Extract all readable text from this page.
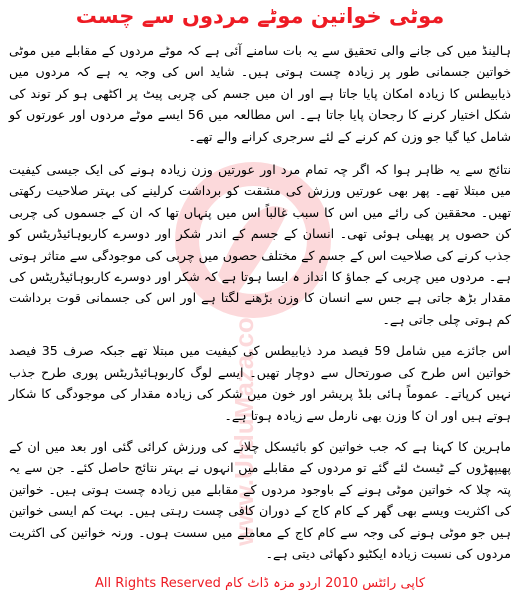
موٹی خواتین موٹے مردوں سے چست
www.UrduMaza.com

ہالینڈ میں کی جانے والی تحقیق سے یہ بات سامنے آئی ہے کہ موٹے مردوں کے مقابلے میں موٹی خواتین جسمانی طور پر زیادہ چست ہوتی ہیں۔ شاید اس کی وجہ یہ ہے کہ مردوں میں ذیابیطس کا زیادہ امکان پایا جاتا ہے اور ان میں جسم کی چربی پیٹ پر اکٹھی ہو کر توند کی شکل اختیار کرنے کا رجحان پایا جاتا ہے۔ اس مطالعہ میں 56 ایسے موٹے مردوں اور عورتوں کو شامل کیا گیا جو وزن کم کرنے کے لئے سرجری کرانے والے تھے۔

نتائج سے یہ ظاہر ہوا کہ اگر چہ تمام مرد اور عورتیں وزن زیادہ ہونے کی ایک جیسی کیفیت میں مبتلا تھے۔ پھر بھی عورتیں ورزش کی مشقت کو برداشت کرلینے کی بہتر صلاحیت رکھتی تھیں۔ محققین کی رائے میں اس کا سبب غالباً اس میں پنہاں تھا کہ ان کے جسموں کی چربی کن حصوں پر پھیلی ہوئی تھی۔ انسان کے جسم کے اندر شکر اور دوسرے کاربوہائیڈریٹس کو جذب کرنے کی صلاحیت اس کے جسم کے مختلف حصوں میں چربی کی موجودگی سے متاثر ہوتی ہے۔ مردوں میں چربی کے جماؤ کا انداز ہ ایسا ہوتا ہے کہ شکر اور دوسرے کاربوہائیڈریٹس کی مقدار بڑھ جاتی ہے جس سے انسان کا وزن بڑھنے لگتا ہے اور اس کی جسمانی قوت برداشت کم ہوتی چلی جاتی ہے۔

اس جائزے میں شامل 59 فیصد مرد ذیابیطس کی کیفیت میں مبتلا تھے جبکہ صرف 35 فیصد خواتین اس طرح کی صورتحال سے دوچار تھیں۔ ایسے لوگ کاربوہائیڈریٹس پوری طرح جذب نہیں کرپاتے۔ عموماً ہائی بلڈ پریشر اور خون میں شکر کی زیادہ مقدار کی موجودگی کا شکار ہوتے ہیں اور ان کا وزن بھی نارمل سے زیادہ ہوتا ہے۔

ماہرین کا کہنا ہے کہ جب خواتین کو بائیسکل چلانے کی ورزش کرائی گئی اور بعد میں ان کے پھیپھڑوں کے ٹیسٹ لئے گئے تو مردوں کے مقابلے میں انہوں نے بہتر نتائج حاصل کئے۔ جن سے یہ پتہ چلا کہ خواتین موٹی ہونے کے باوجود مردوں کے مقابلے میں زیادہ چست ہوتی ہیں۔ خواتین کی اکثریت ویسے بھی گھر کے کام کاج کے دوران کافی چست رہتی ہیں۔ بہت کم ایسی خواتین ہیں جو موٹی ہونے کی وجہ سے کام کاج کے معاملے میں سست ہوں۔ ورنہ خواتین کی اکثریت مردوں کی نسبت زیادہ ایکٹیو دکھائی دیتی ہے۔

All Rights Reserved کاپی رائٹس 2010 اردو مزہ ڈاٹ کام
